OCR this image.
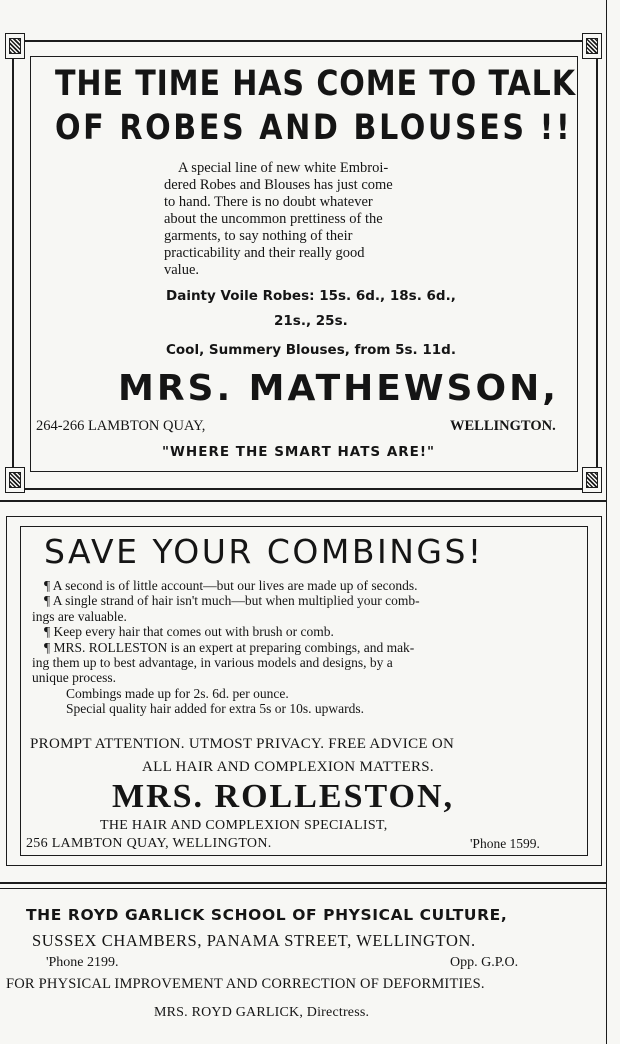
THE TIME HAS COME TO TALK
OF ROBES AND BLOUSES !!

A special line of new white Embroi-

dered Robes and Blouses has just come

to hand. There is no doubt whatever

about the uncommon prettiness of the

garments, to say nothing of their

practicability and their really good

value.

Dainty Voile Robes: 15s. 6d., 18s. 6d.,
21s., 25s.
Cool, Summery Blouses, from 5s. 11d.
MRS. MATHEWSON,
264-266 LAMBTON QUAY,	WELLINGTON.
"WHERE THE SMART HATS ARE!"
SAVE YOUR COMBINGS!

¶ A second is of little account—but our lives are made up of seconds.

¶ A single strand of hair isn't much—but when multiplied your comb-

ings are valuable.

¶ Keep every hair that comes out with brush or comb.

¶ MRS. ROLLESTON is an expert at preparing combings, and mak-

ing them up to best advantage, in various models and designs, by a

unique process.

Combings made up for 2s. 6d. per ounce.

Special quality hair added for extra 5s or 10s. upwards.

PROMPT ATTENTION. UTMOST PRIVACY. FREE ADVICE ON
ALL HAIR AND COMPLEXION MATTERS.
MRS. ROLLESTON,
THE HAIR AND COMPLEXION SPECIALIST,
256 LAMBTON QUAY, WELLINGTON.	'Phone 1599.
THE ROYD GARLICK SCHOOL OF PHYSICAL CULTURE,
SUSSEX CHAMBERS, PANAMA STREET, WELLINGTON.
'Phone 2199.	Opp. G.P.O.
FOR PHYSICAL IMPROVEMENT AND CORRECTION OF DEFORMITIES.
MRS. ROYD GARLICK, Directress.
